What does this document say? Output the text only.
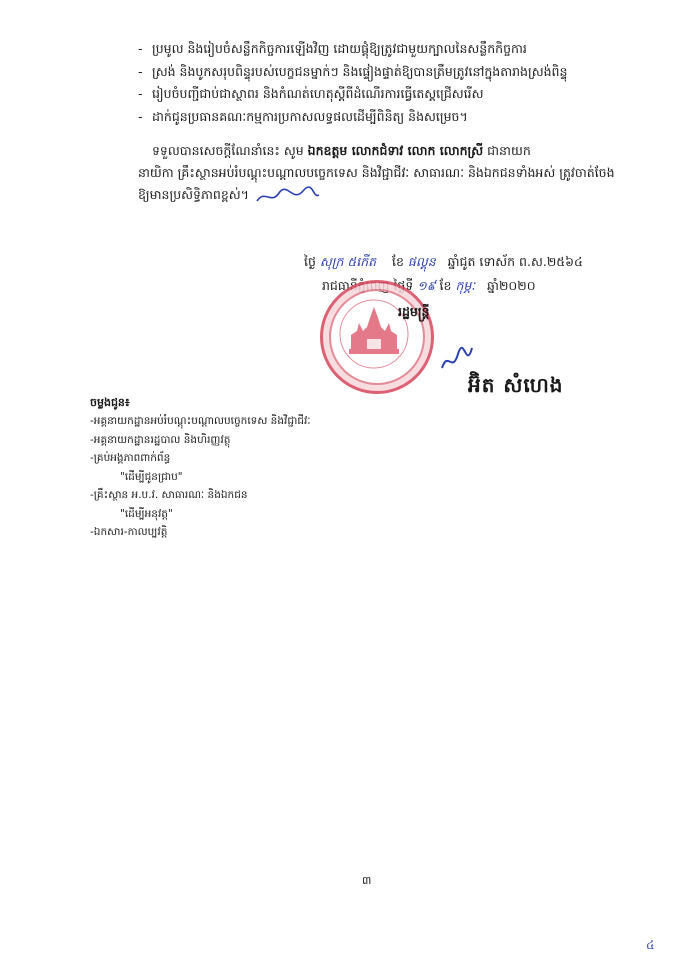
- ប្រមូល និងរៀបចំសន្លឹកកិច្ចការឡើងវិញ ដោយផ្ដុំឱ្យត្រូវជាមួយក្បាលនៃសន្លឹកកិច្ចការ
- ស្រង់ និងបូកសរុបពិន្ទុរបស់បេក្ខជនម្នាក់ៗ និងផ្ទៀងផ្ទាត់ឱ្យបានត្រឹមត្រូវនៅក្នុងតារាងស្រង់ពិន្ទុ
- រៀបចំបញ្ជីជាប់ជាស្ថាពរ និងកំណត់ហេតុស្ដីពីដំណើរការធ្វើតេស្តជ្រើសរើស
- ដាក់ជូនប្រធានគណៈកម្មការប្រកាសលទ្ធផលដើម្បីពិនិត្យ និងសម្រេច។
ទទួលបានសេចក្ដីណែនាំនេះ សូម ឯកឧត្ដម លោកជំទាវ លោក លោកស្រី ជានាយក
នាយិកា គ្រឹះស្ថានអប់រំបណ្ដុះបណ្ដាលបច្ចេកទេស និងវិជ្ជាជីវៈ សាធារណៈ និងឯកជនទាំងអស់ ត្រូវចាត់ចែង
ឱ្យមានប្រសិទ្ធិភាពខ្ពស់។
ថ្ងៃ សុក្រ ៥កើត ខែ ផល្គុន ឆ្នាំជូត ទោស័ក ព.ស.២៥៦៤
រាជធានីភ្នំពេញ ថ្ងៃទី ១៩ ខែ កុម្ភៈ ឆ្នាំ២០២០
រដ្ឋមន្ត្រី
អ៊ិត សំហេង
ចម្លងជូន៖
-អគ្គនាយកដ្ឋានអប់រំបណ្ដុះបណ្ដាលបច្ចេកទេស និងវិជ្ជាជីវៈ
-អគ្គនាយកដ្ឋានរដ្ឋបាល និងហិរញ្ញវត្ថុ
-គ្រប់អង្គភាពពាក់ព័ន្ធ
"ដើម្បីជូនជ្រាប"
-គ្រឹះស្ថាន អ.ប.វ. សាធារណៈ និងឯកជន
"ដើម្បីអនុវត្ត"
-ឯកសារ-កាលប្បវត្តិ
៣
៤
